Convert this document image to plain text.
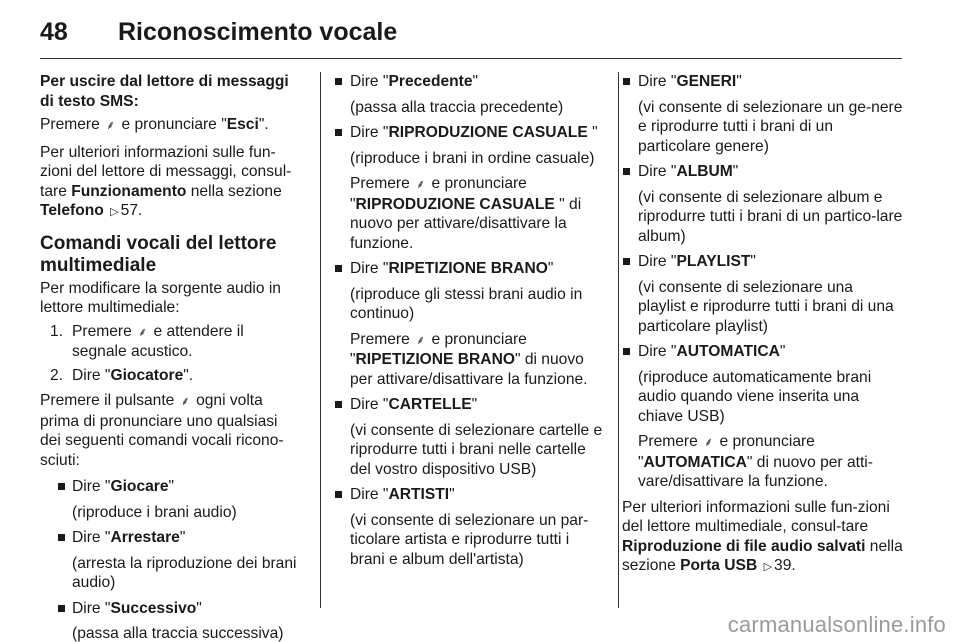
48 Riconoscimento vocale

Per uscire dal lettore di messaggi di testo SMS:

Premere ⸙ e pronunciare "Esci".

Per ulteriori informazioni sulle fun-zioni del lettore di messaggi, consul-tare Funzionamento nella sezione Telefono ▷ 57.

Comandi vocali del lettore multimediale

Per modificare la sorgente audio in lettore multimediale:

1. Premere ⸙ e attendere il segnale acustico.
2. Dire "Giocatore".

Premere il pulsante ⸙ ogni volta prima di pronunciare uno qualsiasi dei seguenti comandi vocali ricono-sciuti:

Dire "Giocare"
(riproduce i brani audio)
Dire "Arrestare"
(arresta la riproduzione dei brani audio)
Dire "Successivo"
(passa alla traccia successiva)
Dire "Precedente"
(passa alla traccia precedente)
Dire "RIPRODUZIONE CASUALE "
(riproduce i brani in ordine casuale)
Premere ⸙ e pronunciare
"RIPRODUZIONE CASUALE " di nuovo per attivare/disattivare la funzione.
Dire "RIPETIZIONE BRANO"
(riproduce gli stessi brani audio in continuo)
Premere ⸙ e pronunciare
"RIPETIZIONE BRANO" di nuovo per attivare/disattivare la funzione.
Dire "CARTELLE"
(vi consente di selezionare cartelle e riprodurre tutti i brani nelle cartelle del vostro dispositivo USB)
Dire "ARTISTI"
(vi consente di selezionare un par-ticolare artista e riprodurre tutti i brani e album dell'artista)
Dire "GENERI"
(vi consente di selezionare un ge-nere e riprodurre tutti i brani di un particolare genere)
Dire "ALBUM"
(vi consente di selezionare album e riprodurre tutti i brani di un partico-lare album)
Dire "PLAYLIST"
(vi consente di selezionare una playlist e riprodurre tutti i brani di una particolare playlist)
Dire "AUTOMATICA"
(riproduce automaticamente brani audio quando viene inserita una chiave USB)
Premere ⸙ e pronunciare
"AUTOMATICA" di nuovo per atti-vare/disattivare la funzione.

Per ulteriori informazioni sulle fun-zioni del lettore multimediale, consul-tare Riproduzione di file audio salvati nella sezione Porta USB ▷ 39.

carmanualsonline.info
